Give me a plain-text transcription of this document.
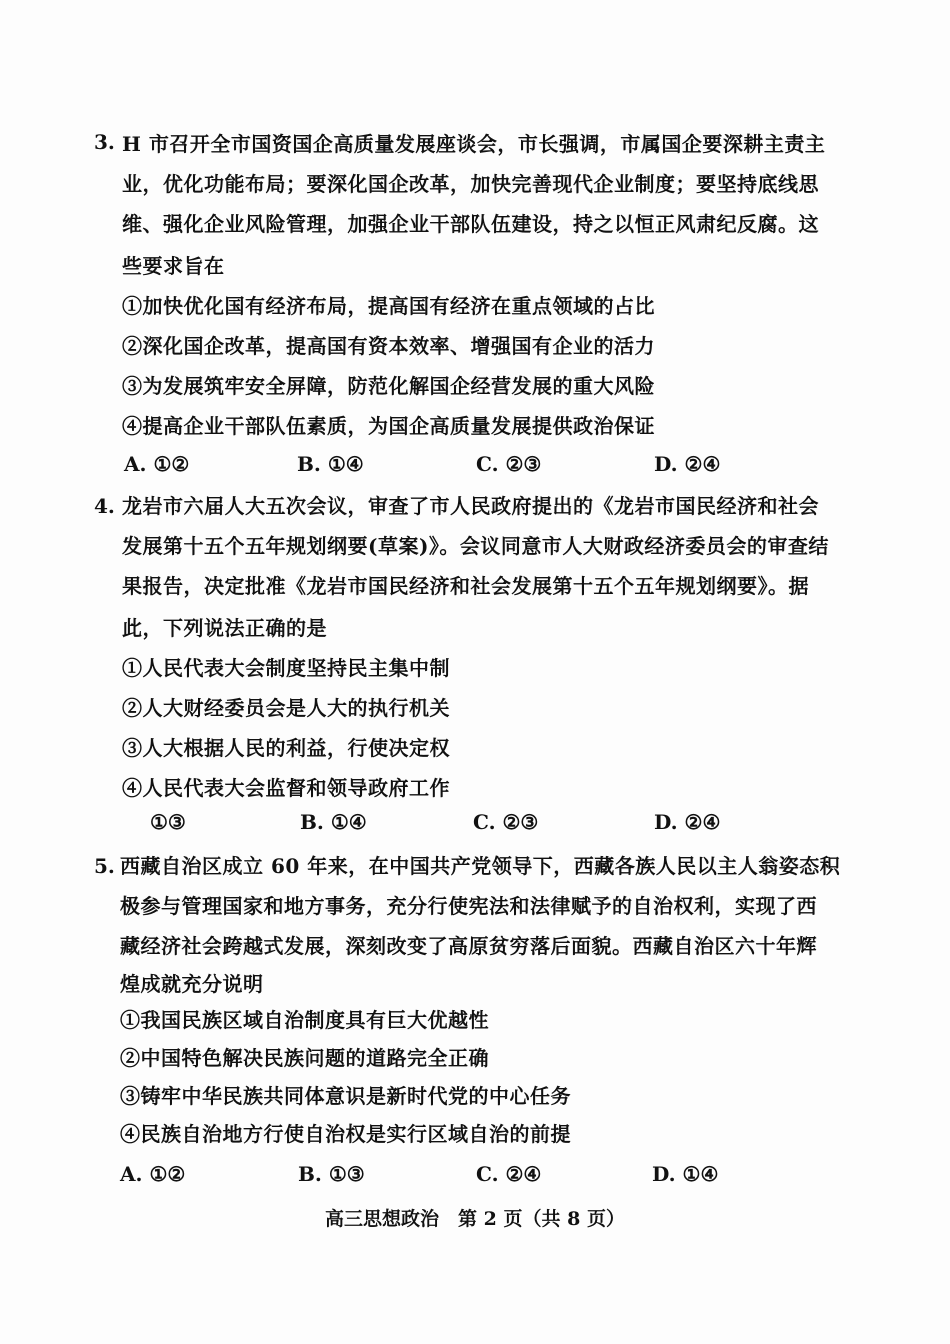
3. H 市召开全市国资国企高质量发展座谈会，市长强调，市属国企要深耕主责主
业，优化功能布局；要深化国企改革，加快完善现代企业制度；要坚持底线思
维、强化企业风险管理，加强企业干部队伍建设，持之以恒正风肃纪反腐。这
些要求旨在
①加快优化国有经济布局，提高国有经济在重点领域的占比
②深化国企改革，提高国有资本效率、增强国有企业的活力
③为发展筑牢安全屏障，防范化解国企经营发展的重大风险
④提高企业干部队伍素质，为国企高质量发展提供政治保证
A. ①②	B. ①④	C. ②③	D. ②④
4. 龙岩市六届人大五次会议，审查了市人民政府提出的《龙岩市国民经济和社会
发展第十五个五年规划纲要(草案)》。会议同意市人大财政经济委员会的审查结
果报告，决定批准《龙岩市国民经济和社会发展第十五个五年规划纲要》。据
此，下列说法正确的是
①人民代表大会制度坚持民主集中制
②人大财经委员会是人大的执行机关
③人大根据人民的利益，行使决定权
④人民代表大会监督和领导政府工作
①③	B. ①④	C. ②③	D. ②④
5. 西藏自治区成立 60 年来，在中国共产党领导下，西藏各族人民以主人翁姿态积
极参与管理国家和地方事务，充分行使宪法和法律赋予的自治权利，实现了西
藏经济社会跨越式发展，深刻改变了高原贫穷落后面貌。西藏自治区六十年辉
煌成就充分说明
①我国民族区域自治制度具有巨大优越性
②中国特色解决民族问题的道路完全正确
③铸牢中华民族共同体意识是新时代党的中心任务
④民族自治地方行使自治权是实行区域自治的前提
A. ①②	B. ①③	C. ②④	D. ①④
高三思想政治　第 2 页（共 8 页）
